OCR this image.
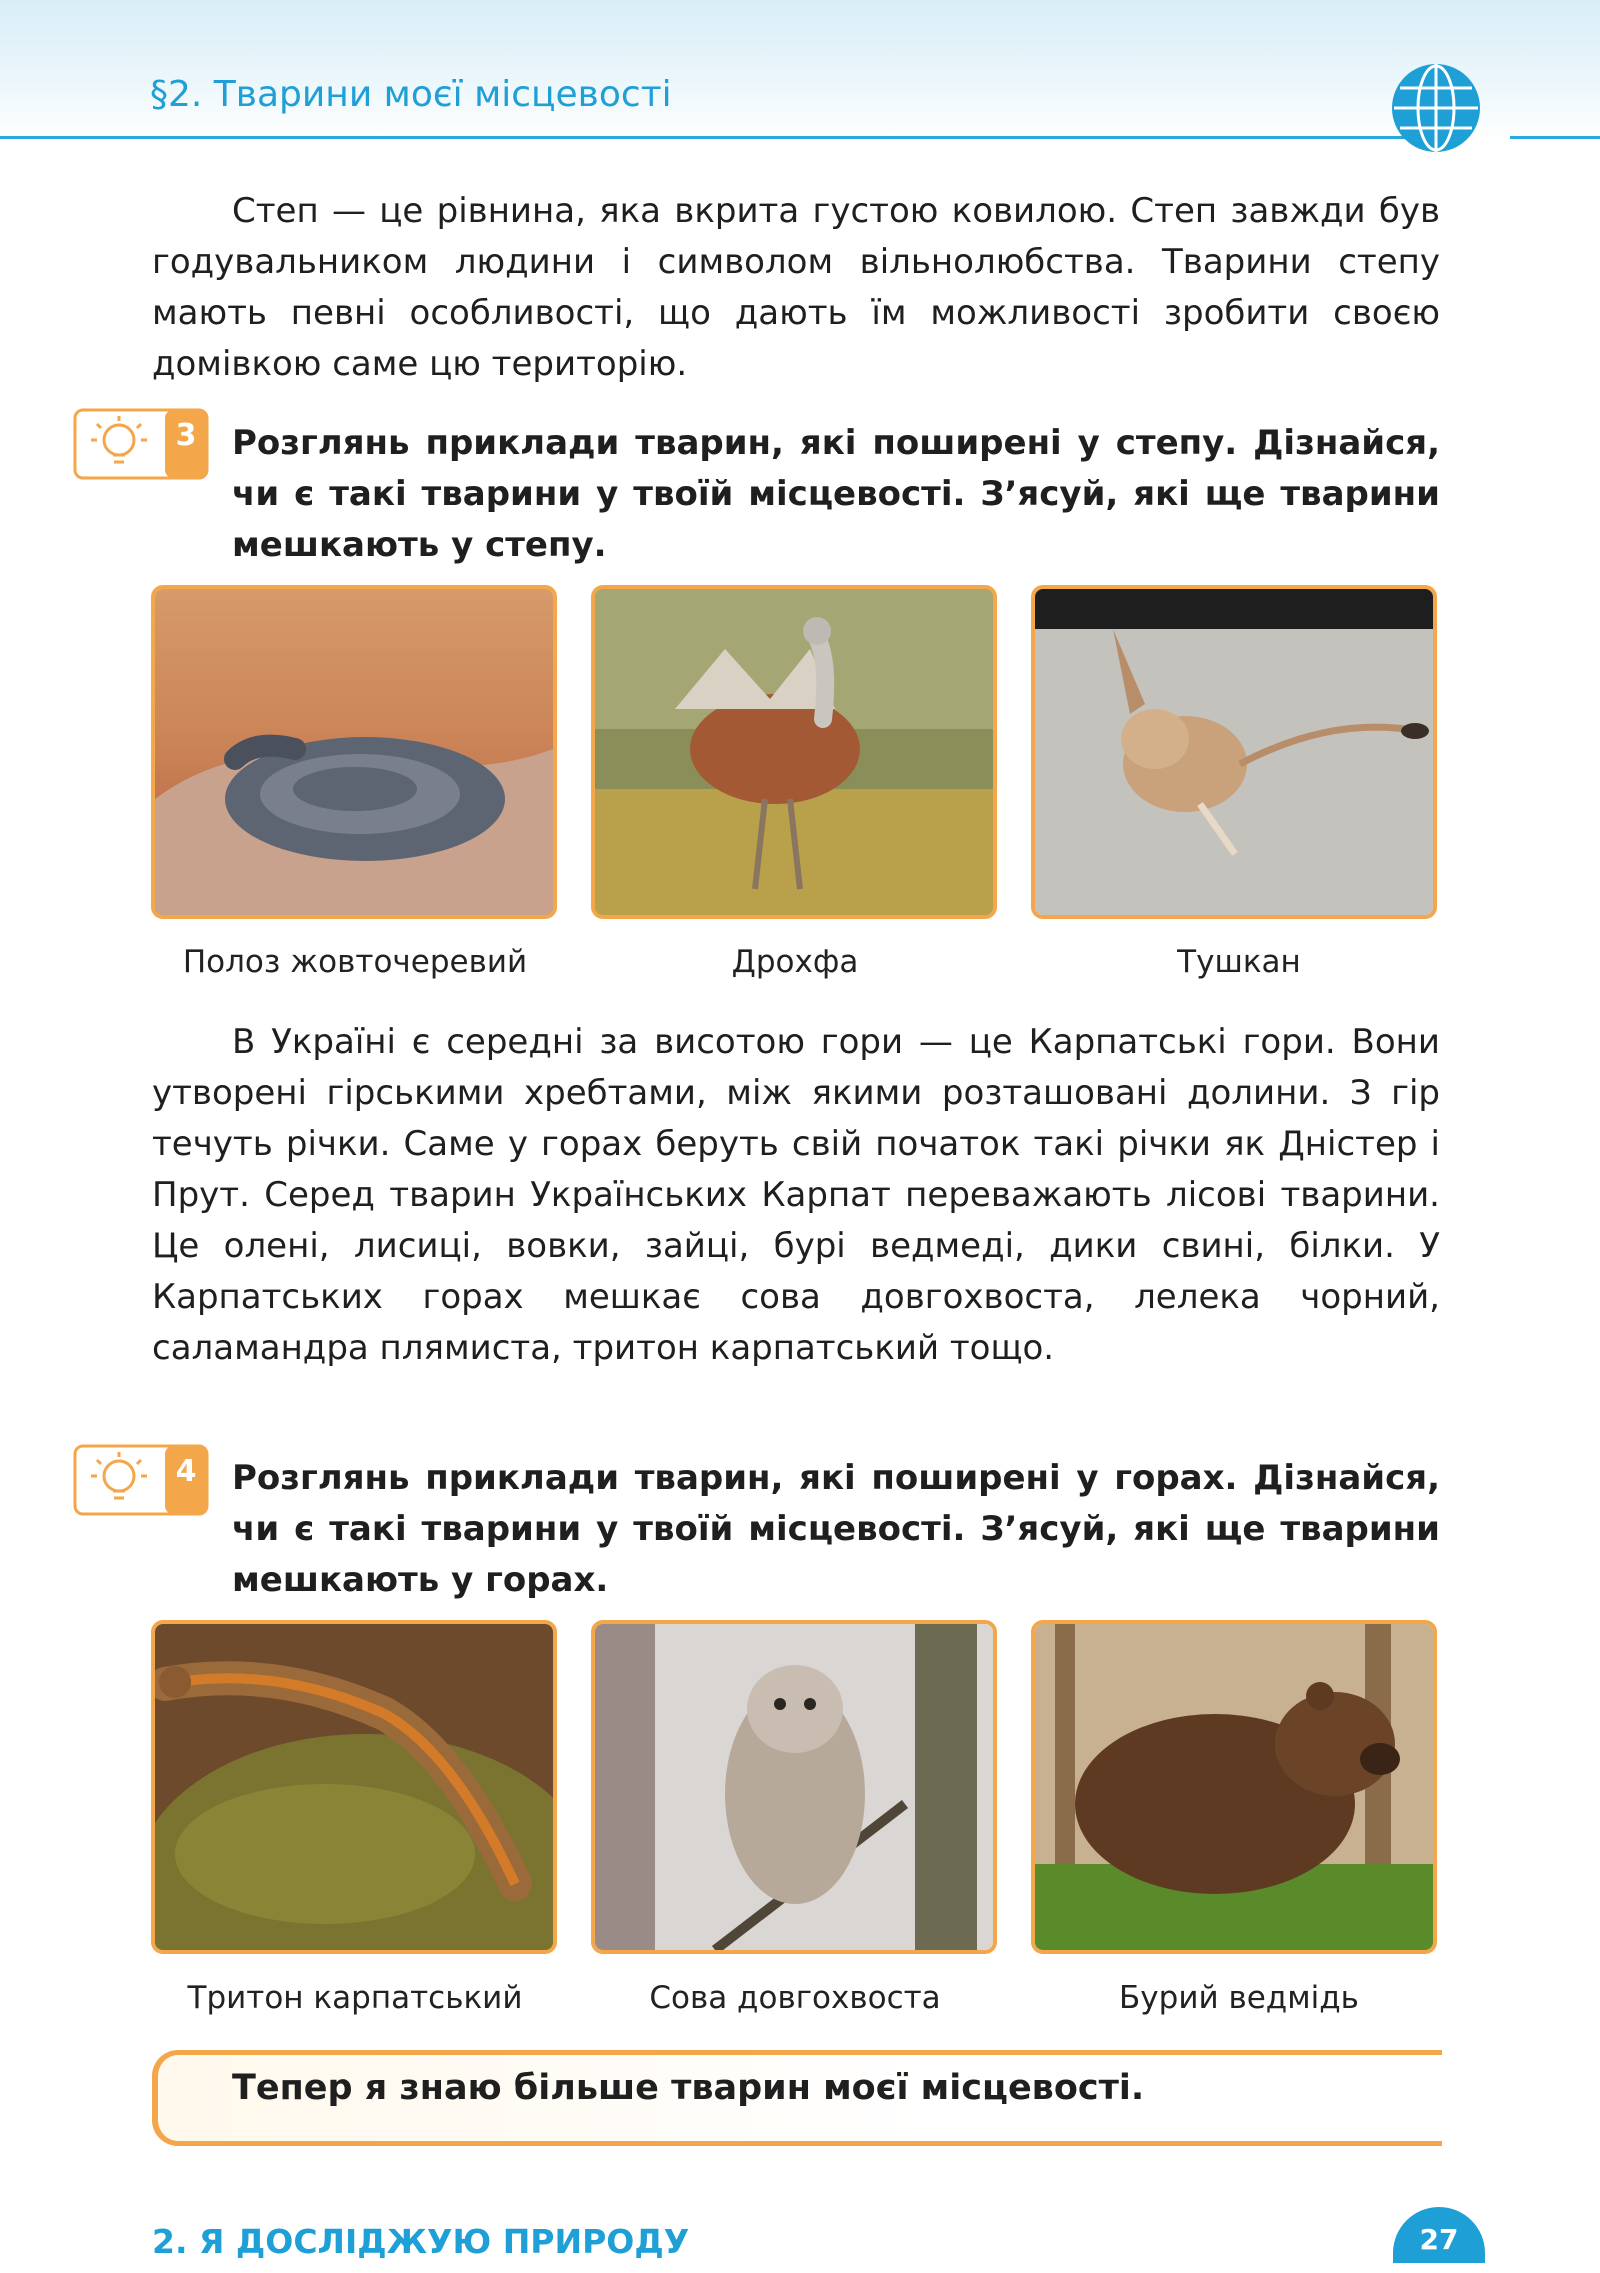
§2. Тварини моєї місцевості

Степ — це рівнина, яка вкрита густою ковилою. Степ завжди був годувальником людини і символом вільнолюбства. Тварини степу мають певні особливості, що дають їм можливості зробити своєю домівкою саме цю територію.

3	Розглянь приклади тварин, які поширені у степу. Дізнайся, чи є такі тварини у твоїй місцевості. З’ясуй, які ще тварини мешкають у степу.

Полоз жовточеревий	Дрохфа	Тушкан

В Україні є середні за висотою гори — це Карпатські гори. Вони утворені гірськими хребтами, між якими розташовані долини. З гір течуть річки. Саме у горах беруть свій початок такі річки як Дністер і Прут. Серед тварин Українських Карпат переважають лісові тварини. Це олені, лисиці, вовки, зайці, бурі ведмеді, дики свині, білки. У Карпатських горах мешкає сова довгохвоста, лелека чорний, саламандра плямиста, тритон карпатський тощо.

4	Розглянь приклади тварин, які поширені у горах. Дізнайся, чи є такі тварини у твоїй місцевості. З’ясуй, які ще тварини мешкають у горах.

Тритон карпатський	Сова довгохвоста	Бурий ведмідь
Тепер я знаю більше тварин моєї місцевості.
2. Я ДОСЛІДЖУЮ ПРИРОДУ	27
